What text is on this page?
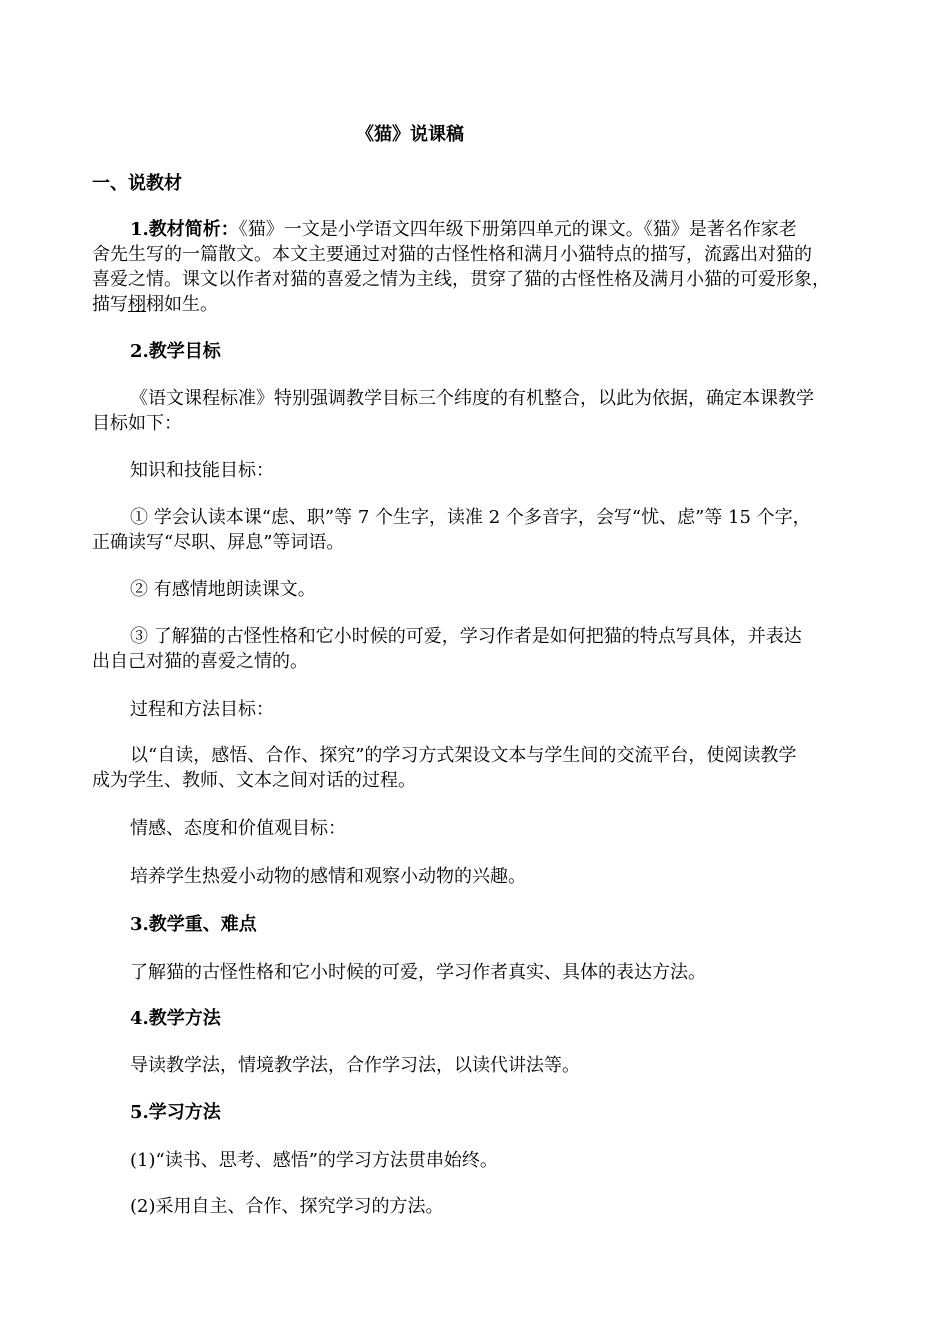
《猫》说课稿
一、说教材
1.教材简析：《猫》一文是小学语文四年级下册第四单元的课文。《猫》是著名作家老
舍先生写的一篇散文。本文主要通过对猫的古怪性格和满月小猫特点的描写，流露出对猫的
喜爱之情。课文以作者对猫的喜爱之情为主线，贯穿了猫的古怪性格及满月小猫的可爱形象，
描写栩栩如生。
2.教学目标
《语文课程标准》特别强调教学目标三个纬度的有机整合，以此为依据，确定本课教学
目标如下：
知识和技能目标：
① 学会认读本课“虑、职”等 7 个生字，读准 2 个多音字，会写“忧、虑”等 15 个字，
正确读写“尽职、屏息”等词语。
② 有感情地朗读课文。
③ 了解猫的古怪性格和它小时候的可爱，学习作者是如何把猫的特点写具体，并表达
出自己对猫的喜爱之情的。
过程和方法目标：
以“自读，感悟、合作、探究”的学习方式架设文本与学生间的交流平台，使阅读教学
成为学生、教师、文本之间对话的过程。
情感、态度和价值观目标：
培养学生热爱小动物的感情和观察小动物的兴趣。
3.教学重、难点
了解猫的古怪性格和它小时候的可爱，学习作者真实、具体的表达方法。
4.教学方法
导读教学法，情境教学法，合作学习法，以读代讲法等。
5.学习方法
(1)“读书、思考、感悟”的学习方法贯串始终。
(2)采用自主、合作、探究学习的方法。
